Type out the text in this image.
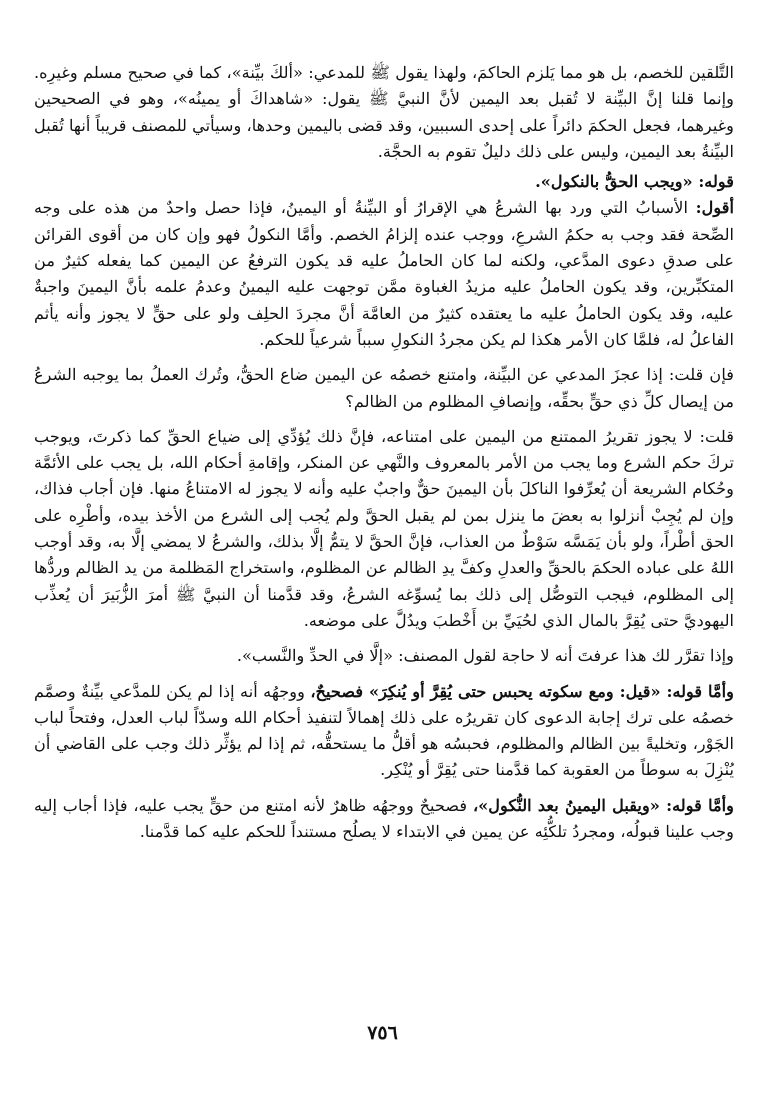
التَّلقين للخصم، بل هو مما يَلزم الحاكمَ، ولهذا يقول ﷺ للمدعي: «ألكَ بيِّنة»، كما في صحيح مسلم وغيرِه. وإنما قلنا إنَّ البيِّنة لا تُقبل بعد اليمين لأنَّ النبيَّ ﷺ يقول: «شاهداكَ أو يمينُه»، وهو في الصحيحين وغيرهما، فجعل الحكمَ دائراً على إحدى السببين، وقد قضى باليمين وحدها، وسيأتي للمصنف قريباً أنها تُقبل البيِّنةُ بعد اليمين، وليس على ذلك دليلٌ تقوم به الحجَّة.

قوله: «ويجب الحقُّ بالنكول».

أقول: الأسبابُ التي ورد بها الشرعُ هي الإقرارُ أو البيِّنةُ أو اليمينُ، فإذا حصل واحدٌ من هذه على وجه الصِّحة فقد وجب به حكمُ الشرعِ، ووجب عنده إلزامُ الخصم. وأمَّا النكولُ فهو وإن كان من أقوى القرائن على صدقِ دعوى المدَّعي، ولكنه لما كان الحاملُ عليه قد يكون الترفعُ عن اليمين كما يفعله كثيرٌ من المتكبِّرين، وقد يكون الحاملُ عليه مزيدُ الغباوة ممَّن توجهت عليه اليمينُ وعدمُ علمه بأنَّ اليمينَ واجبةٌ عليه، وقد يكون الحاملُ عليه ما يعتقده كثيرٌ من العامَّة أنَّ مجردَ الحلِف ولو على حقٍّ لا يجوز وأنه يأثم الفاعلُ له، فلمَّا كان الأمر هكذا لم يكن مجردُ النكولِ سبباً شرعياً للحكم.

فإن قلت: إذا عجزَ المدعي عن البيِّنة، وامتنع خصمُه عن اليمين ضاع الحقُّ، وتُرك العملُ بما يوجبه الشرعُ من إيصال كلِّ ذي حقٍّ بحقِّه، وإنصافِ المظلوم من الظالم؟

قلت: لا يجوز تقريرُ الممتنع من اليمين على امتناعه، فإنَّ ذلك يُؤدِّي إلى ضياع الحقِّ كما ذكرتَ، ويوجب تركَ حكم الشرع وما يجب من الأمر بالمعروف والنَّهي عن المنكر، وإقامةِ أحكام الله، بل يجب على الأئمَّة وحُكام الشريعة أن يُعرِّفوا الناكلَ بأن اليمينَ حقٌّ واجبٌ عليه وأنه لا يجوز له الامتناعُ منها. فإن أجاب فذاك، وإن لم يُجِبْ أنزلوا به بعضَ ما ينزل بمن لم يقبل الحقَّ ولم يُجب إلى الشرع من الأخذ بيده، وأطْرِه على الحق أطْراً، ولو بأن يَمَسَّه سَوْطٌ من العذاب، فإنَّ الحقَّ لا يتمُّ إلَّا بذلك، والشرعُ لا يمضي إلَّا به، وقد أوجب اللهُ على عباده الحكمَ بالحقِّ والعدلِ وكفَّ يدِ الظالم عن المظلوم، واستخراج المَظلمة من يد الظالم وردُّها إلى المظلوم، فيجب التوصُّل إلى ذلك بما يُسوِّغه الشرعُ، وقد قدَّمنا أن النبيَّ ﷺ أمرَ الزُّبَيرَ أن يُعذِّب اليهوديَّ حتى يُقِرَّ بالمال الذي لحُيَيِّ بن أَخْطبَ ويدُلَّ على موضعه.

وإذا تقرَّر لك هذا عرفتَ أنه لا حاجة لقول المصنف: «إلَّا في الحدِّ والنَّسب».

وأمَّا قوله: «قيل: ومع سكوته يحبس حتى يُقِرَّ أو يُنكِرَ» فصحيحٌ، ووجهُه أنه إذا لم يكن للمدَّعي بيِّنةٌ وصمَّم خصمُه على ترك إجابة الدعوى كان تقريرُه على ذلك إهمالاً لتنفيذ أحكام الله وسدّاً لباب العدل، وفتحاً لباب الجَوْر، وتخليةً بين الظالم والمظلوم، فحبسُه هو أقلُّ ما يستحقُّه، ثم إذا لم يؤثِّر ذلك وجب على القاضي أن يُنْزِلَ به سوطاً من العقوبة كما قدَّمنا حتى يُقِرَّ أو يُنْكِر.

وأمَّا قوله: «ويقبل اليمينُ بعد النُّكول»، فصحيحٌ ووجهُه ظاهرٌ لأنه امتنع من حقٍّ يجب عليه، فإذا أجاب إليه وجب علينا قبولُه، ومجردُ تلكُّئِه عن يمين في الابتداء لا يصلُح مستنداً للحكم عليه كما قدَّمنا.

٧٥٦
